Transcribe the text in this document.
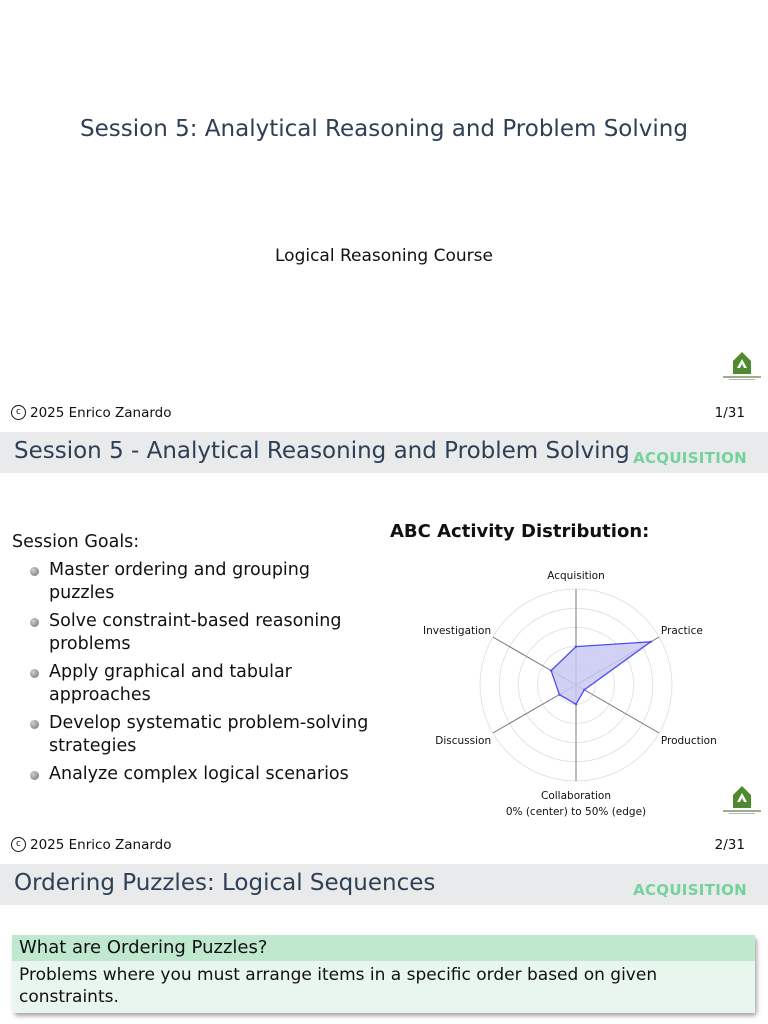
Session 5: Analytical Reasoning and Problem Solving
Logical Reasoning Course
c 2025 Enrico Zanardo	1/31
Session 5 - Analytical Reasoning and Problem Solving ACQUISITION
Session Goals:
Master ordering and grouping puzzles
Solve constraint-based reasoning problems
Apply graphical and tabular approaches
Develop systematic problem-solving strategies
Analyze complex logical scenarios
ABC Activity Distribution:
Acquisition
Practice
Production
Collaboration
Discussion
Investigation
0% (center) to 50% (edge)
c 2025 Enrico Zanardo	2/31
Ordering Puzzles: Logical Sequences	ACQUISITION
What are Ordering Puzzles?
Problems where you must arrange items in a specific order based on given constraints.
